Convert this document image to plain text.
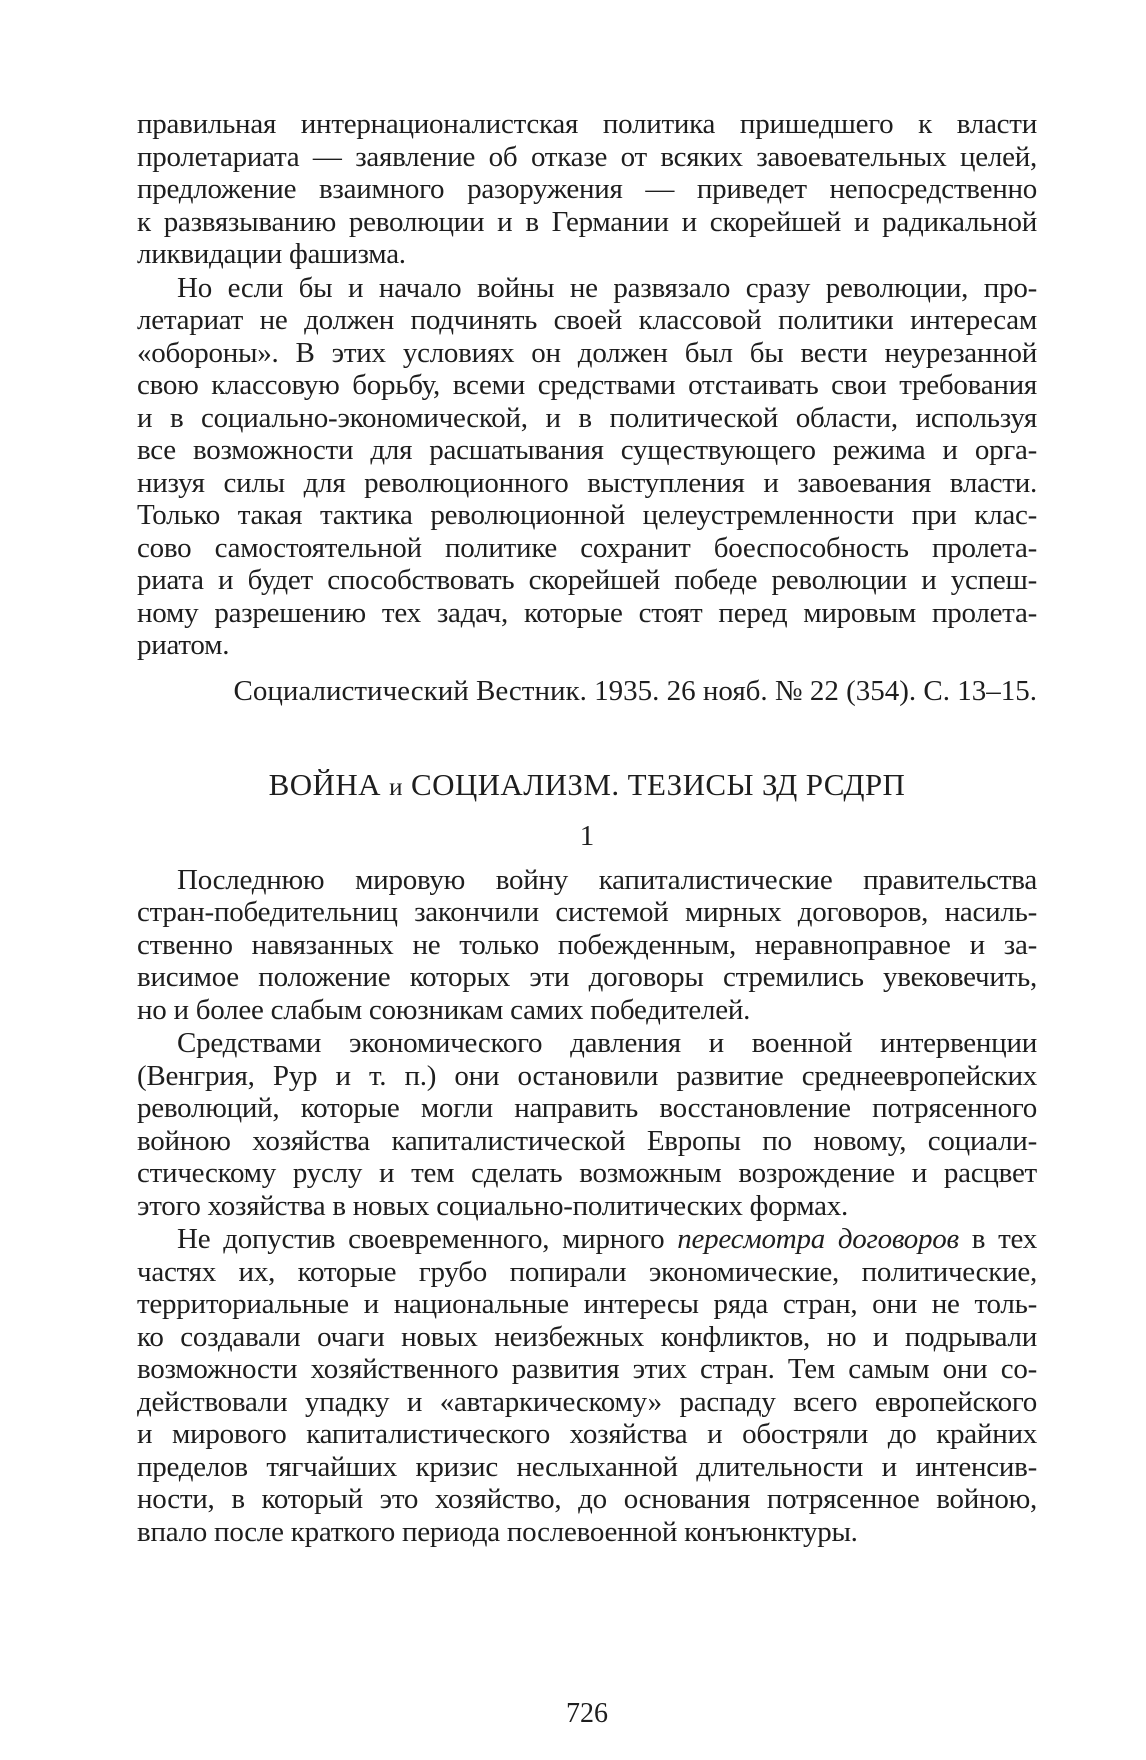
правильная интернационалистская политика пришедшего к власти
пролетариата — заявление об отказе от всяких завоевательных целей,
предложение взаимного разоружения — приведет непосредственно
к развязыванию революции и в Германии и скорейшей и радикальной
ликвидации фашизма.
Но если бы и начало войны не развязало сразу революции, про-
летариат не должен подчинять своей классовой политики интересам
«обороны». В этих условиях он должен был бы вести неурезанной
свою классовую борьбу, всеми средствами отстаивать свои требования
и в социально-экономической, и в политической области, используя
все возможности для расшатывания существующего режима и орга-
низуя силы для революционного выступления и завоевания власти.
Только такая тактика революционной целеустремленности при клас-
сово самостоятельной политике сохранит боеспособность пролета-
риата и будет способствовать скорейшей победе революции и успеш-
ному разрешению тех задач, которые стоят перед мировым пролета-
риатом.
Социалистический Вестник. 1935. 26 нояб. № 22 (354). С. 13–15.
ВОЙНА и СОЦИАЛИЗМ. ТЕЗИСЫ ЗД РСДРП
1
Последнюю мировую войну капиталистические правительства
стран-победительниц закончили системой мирных договоров, насиль-
ственно навязанных не только побежденным, неравноправное и за-
висимое положение которых эти договоры стремились увековечить,
но и более слабым союзникам самих победителей.
Средствами экономического давления и военной интервенции
(Венгрия, Рур и т. п.) они остановили развитие среднеевропейских
революций, которые могли направить восстановление потрясенного
войною хозяйства капиталистической Европы по новому, социали-
стическому руслу и тем сделать возможным возрождение и расцвет
этого хозяйства в новых социально-политических формах.
Не допустив своевременного, мирного пересмотра договоров в тех
частях их, которые грубо попирали экономические, политические,
территориальные и национальные интересы ряда стран, они не толь-
ко создавали очаги новых неизбежных конфликтов, но и подрывали
возможности хозяйственного развития этих стран. Тем самым они со-
действовали упадку и «автаркическому» распаду всего европейского
и мирового капиталистического хозяйства и обостряли до крайних
пределов тягчайших кризис неслыханной длительности и интенсив-
ности, в который это хозяйство, до основания потрясенное войною,
впало после краткого периода послевоенной конъюнктуры.
726
